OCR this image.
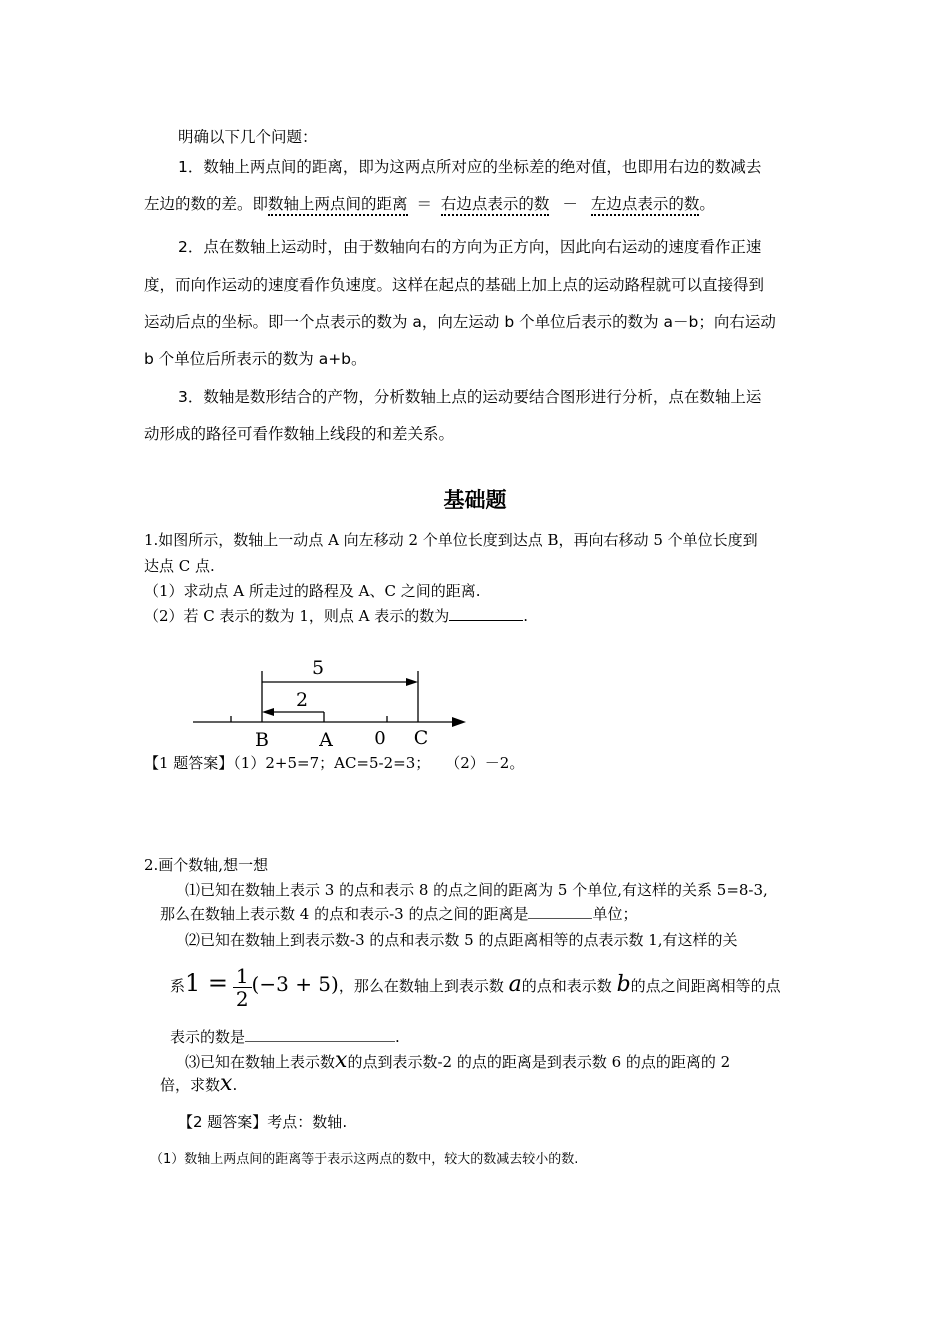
明确以下几个问题：
1．数轴上两点间的距离，即为这两点所对应的坐标差的绝对值，也即用右边的数减去
左边的数的差。即数轴上两点间的距离 ＝ 右边点表示的数 － 左边点表示的数。
2．点在数轴上运动时，由于数轴向右的方向为正方向，因此向右运动的速度看作正速
度，而向作运动的速度看作负速度。这样在起点的基础上加上点的运动路程就可以直接得到
运动后点的坐标。即一个点表示的数为 a，向左运动 b 个单位后表示的数为 a－b；向右运动
b 个单位后所表示的数为 a+b。
3．数轴是数形结合的产物，分析数轴上点的运动要结合图形进行分析，点在数轴上运
动形成的路径可看作数轴上线段的和差关系。
基础题
1.如图所示，数轴上一动点 A 向左移动 2 个单位长度到达点 B，再向右移动 5 个单位长度到
达点 C 点.
（1）求动点 A 所走过的路程及 A、C 之间的距离.
（2）若 C 表示的数为 1，则点 A 表示的数为	.
5
2
B	A 0 C
【1 题答案】（1）2+5=7；AC=5-2=3；　　（2）－2。
2.画个数轴,想一想
⑴已知在数轴上表示 3 的点和表示 8 的点之间的距离为 5 个单位,有这样的关系 5=8-3,
那么在数轴上表示数 4 的点和表示-3 的点之间的距离是	单位；
⑵已知在数轴上到表示数-3 的点和表示数 5 的点距离相等的点表示数 1,有这样的关
系$1 = \frac{1}{2} (-3 + 5)$，那么在数轴上到表示数 a的点和表示数 b的点之间距离相等的点
表示的数是	.
⑶已知在数轴上表示数x的点到表示数-2 的点的距离是到表示数 6 的点的距离的 2
倍，求数x.
【2 题答案】考点：数轴.
（1）数轴上两点间的距离等于表示这两点的数中，较大的数减去较小的数.
